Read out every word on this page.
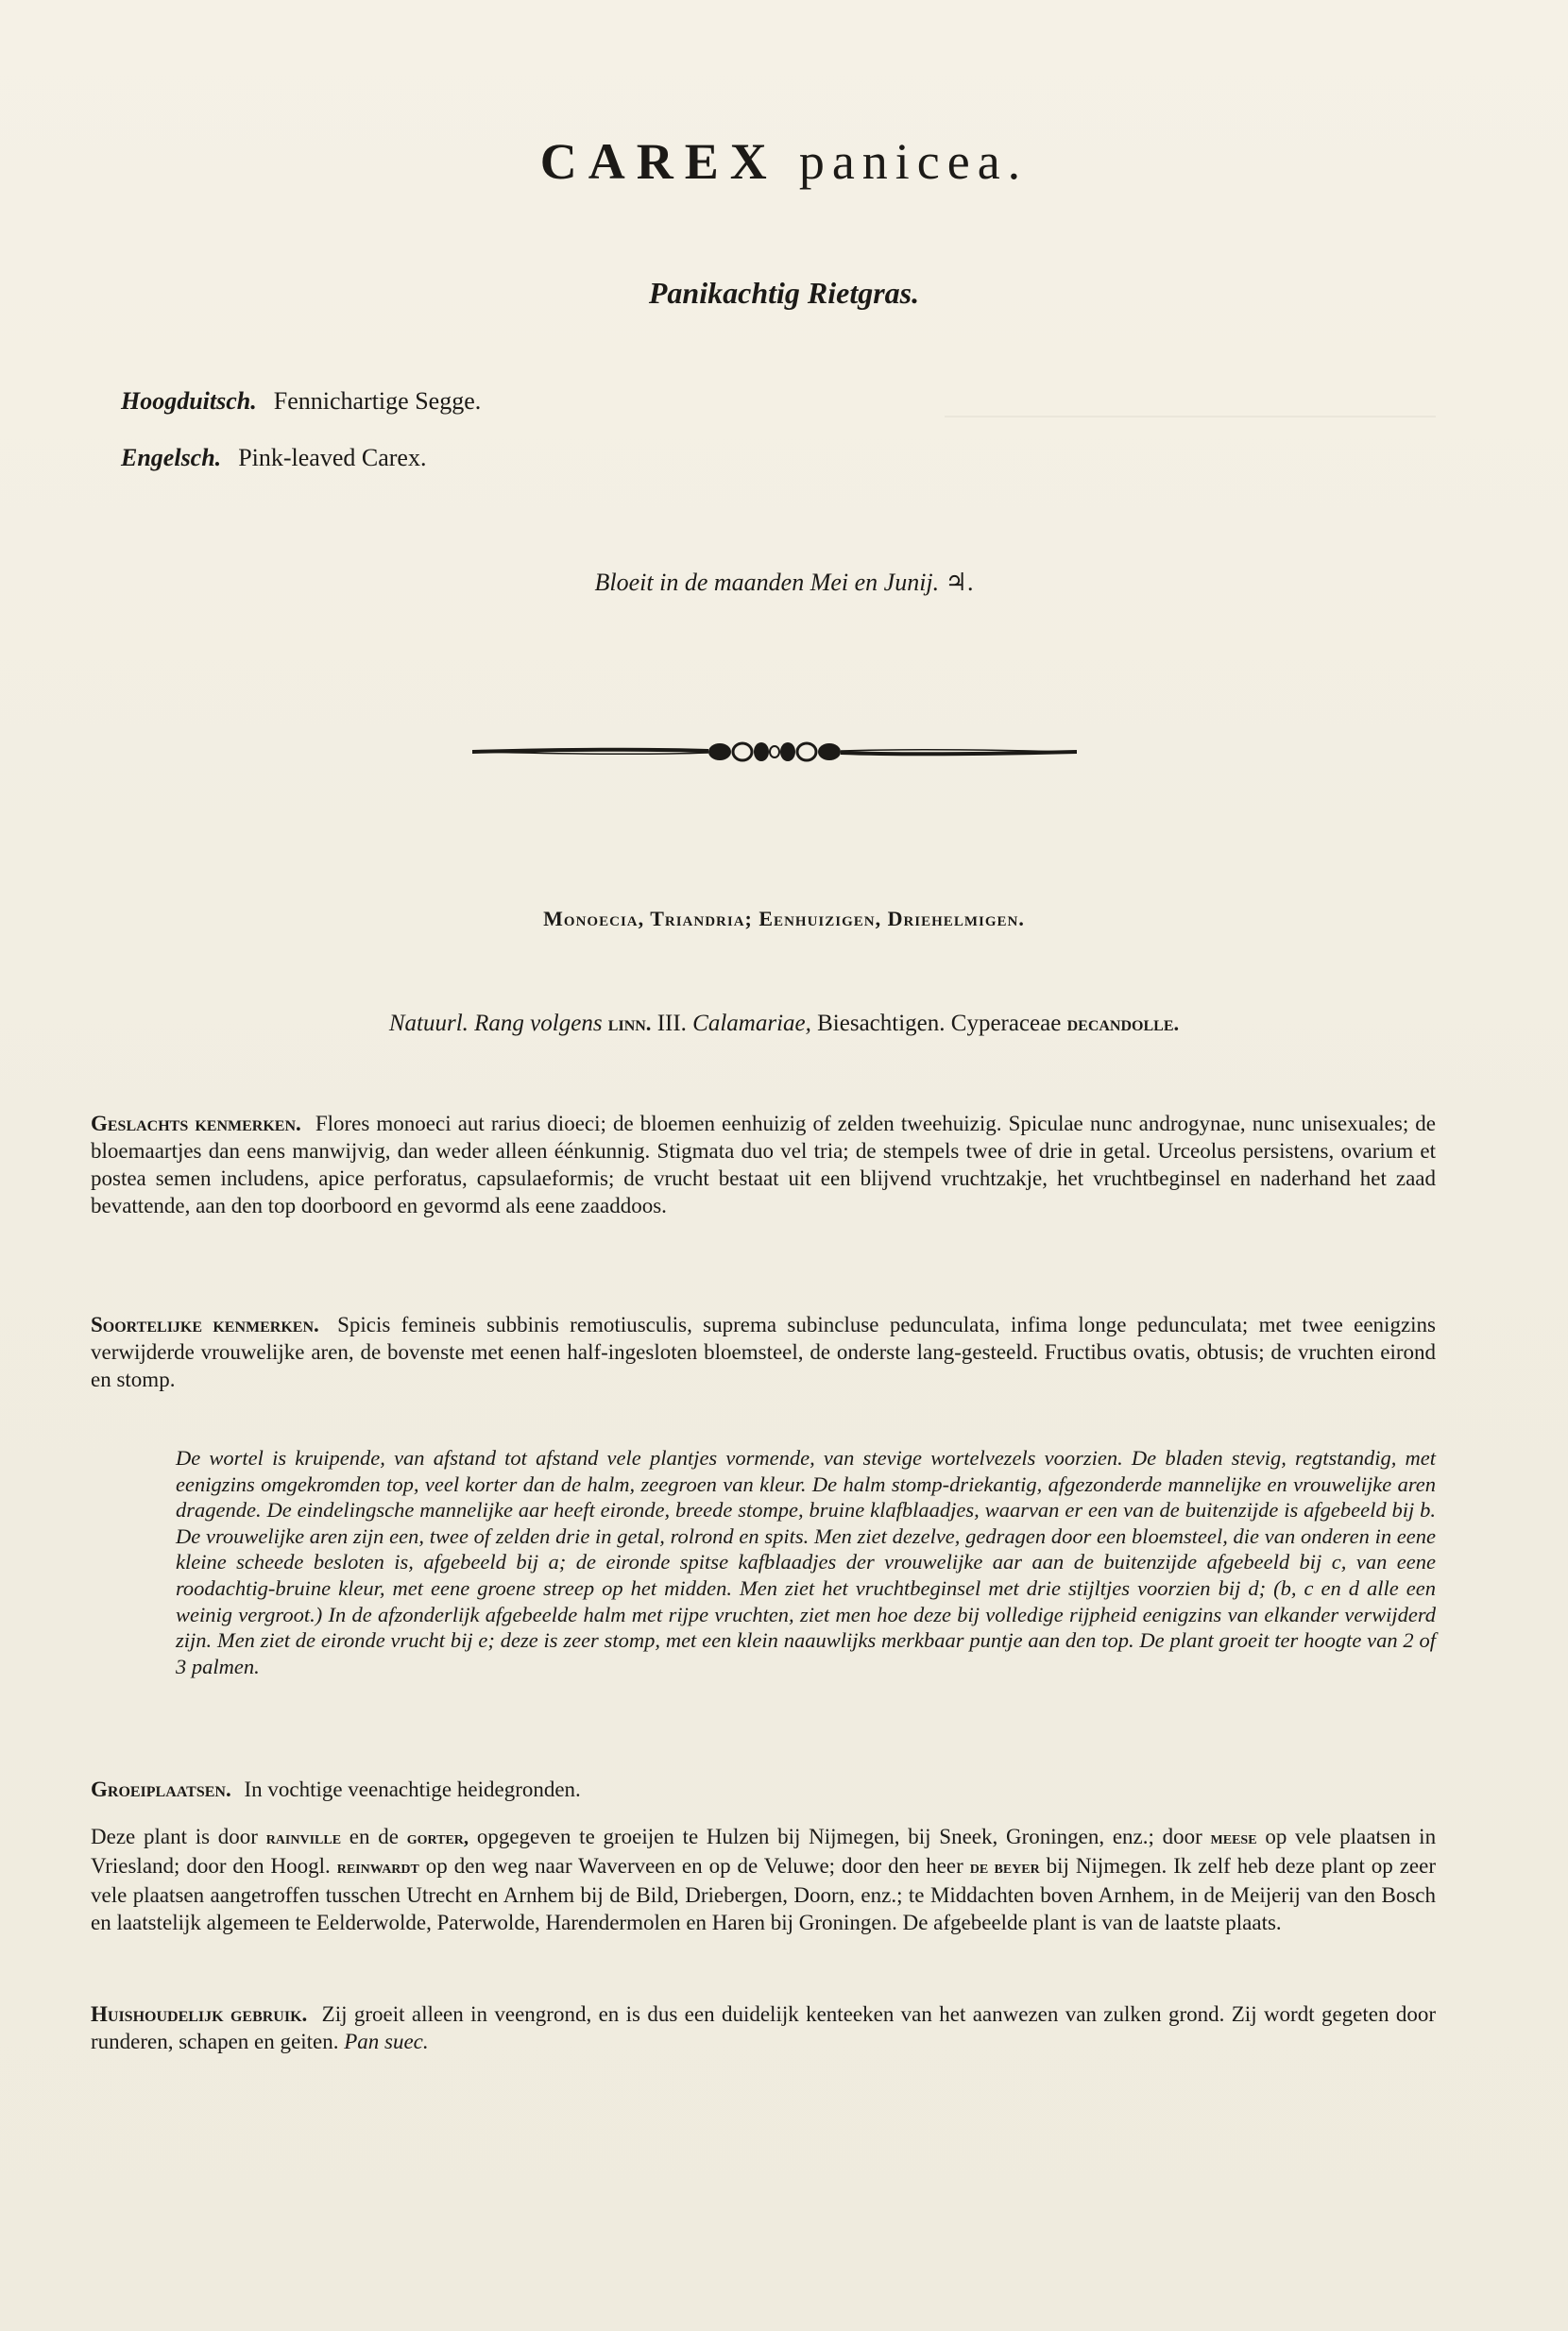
CAREX panicea.
Panikachtig Rietgras.
Hoogduitsch. Fennichartige Segge.
Engelsch. Pink-leaved Carex.
Bloeit in de maanden Mei en Junij. ♃.
Monoecia, Triandria; Eenhuizigen, Driehelmigen.
Natuurl. Rang volgens linn. III. Calamariae, Biesachtigen. Cyperaceae decandolle.
Geslachts kenmerken. Flores monoeci aut rarius dioeci; de bloemen eenhuizig of zelden tweehuizig. Spiculae nunc androgynae, nunc unisexuales; de bloemaartjes dan eens manwijvig, dan weder alleen éénkunnig. Stigmata duo vel tria; de stempels twee of drie in getal. Urceolus persistens, ovarium et postea semen includens, apice perforatus, capsulaeformis; de vrucht bestaat uit een blijvend vruchtzakje, het vruchtbeginsel en naderhand het zaad bevattende, aan den top doorboord en gevormd als eene zaaddoos.
Soortelijke kenmerken. Spicis femineis subbinis remotiusculis, suprema subincluse pedunculata, infima longe pedunculata; met twee eenigzins verwijderde vrouwelijke aren, de bovenste met eenen half-ingesloten bloemsteel, de onderste lang-gesteeld. Fructibus ovatis, obtusis; de vruchten eirond en stomp.
De wortel is kruipende, van afstand tot afstand vele plantjes vormende, van stevige wortelvezels voorzien. De bladen stevig, regtstandig, met eenigzins omgekromden top, veel korter dan de halm, zeegroen van kleur. De halm stomp-driekantig, afgezonderde mannelijke en vrouwelijke aren dragende. De eindelingsche mannelijke aar heeft eironde, breede stompe, bruine klafblaadjes, waarvan er een van de buitenzijde is afgebeeld bij b. De vrouwelijke aren zijn een, twee of zelden drie in getal, rolrond en spits. Men ziet dezelve, gedragen door een bloemsteel, die van onderen in eene kleine scheede besloten is, afgebeeld bij a; de eironde spitse kafblaadjes der vrouwelijke aar aan de buitenzijde afgebeeld bij c, van eene roodachtig-bruine kleur, met eene groene streep op het midden. Men ziet het vruchtbeginsel met drie stijltjes voorzien bij d; (b, c en d alle een weinig vergroot.) In de afzonderlijk afgebeelde halm met rijpe vruchten, ziet men hoe deze bij volledige rijpheid eenigzins van elkander verwijderd zijn. Men ziet de eironde vrucht bij e; deze is zeer stomp, met een klein naauwlijks merkbaar puntje aan den top. De plant groeit ter hoogte van 2 of 3 palmen.
Groeiplaatsen. In vochtige veenachtige heidegronden.
Deze plant is door rainville en de gorter, opgegeven te groeijen te Hulzen bij Nijmegen, bij Sneek, Groningen, enz.; door meese op vele plaatsen in Vriesland; door den Hoogl. reinwardt op den weg naar Waverveen en op de Veluwe; door den heer de beyer bij Nijmegen. Ik zelf heb deze plant op zeer vele plaatsen aangetroffen tusschen Utrecht en Arnhem bij de Bild, Driebergen, Doorn, enz.; te Middachten boven Arnhem, in de Meijerij van den Bosch en laatstelijk algemeen te Eelderwolde, Paterwolde, Harendermolen en Haren bij Groningen. De afgebeelde plant is van de laatste plaats.
Huishoudelijk gebruik. Zij groeit alleen in veengrond, en is dus een duidelijk kenteeken van het aanwezen van zulken grond. Zij wordt gegeten door runderen, schapen en geiten. Pan suec.
